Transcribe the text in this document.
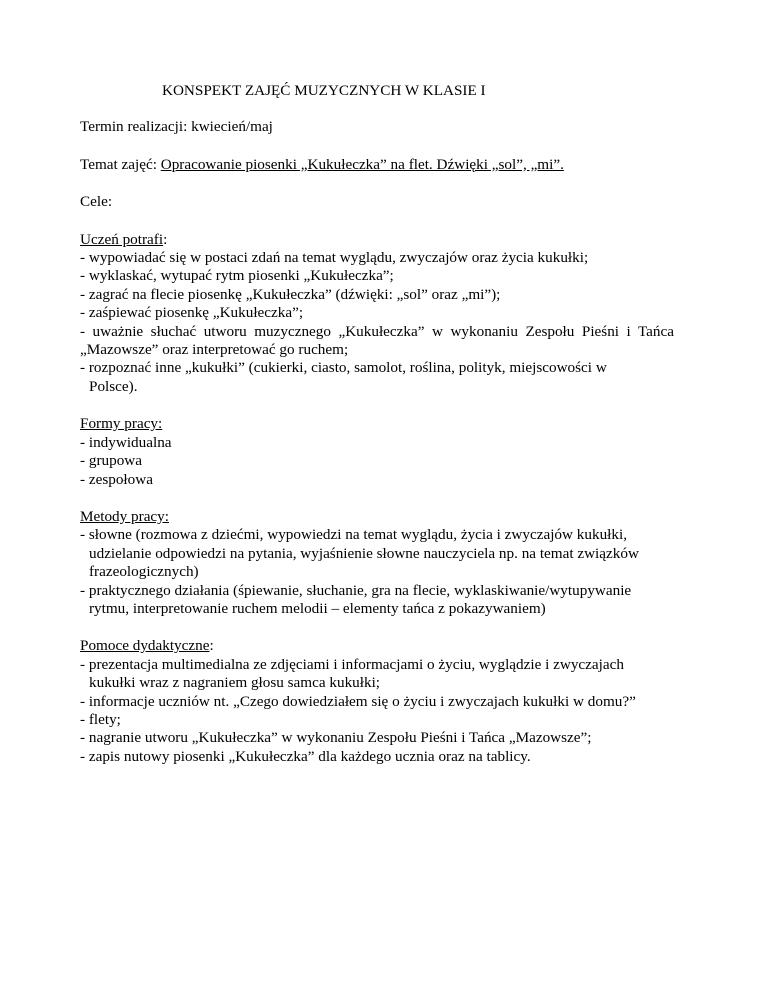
KONSPEKT ZAJĘĆ MUZYCZNYCH W KLASIE I

Termin realizacji: kwiecień/maj

Temat zajęć: Opracowanie piosenki „Kukułeczka” na flet. Dźwięki „sol”, „mi”.

Cele:

Uczeń potrafi:

- wypowiadać się w postaci zdań na temat wyglądu, zwyczajów oraz życia kukułki;
- wyklaskać, wytupać rytm piosenki „Kukułeczka”;
- zagrać na flecie piosenkę „Kukułeczka” (dźwięki: „sol” oraz „mi”);
- zaśpiewać piosenkę „Kukułeczka”;
- uważnie słuchać utworu muzycznego „Kukułeczka” w wykonaniu Zespołu Pieśni i Tańca
„Mazowsze” oraz interpretować go ruchem;
- rozpoznać inne „kukułki” (cukierki, ciasto, samolot, roślina, polityk, miejscowości w
Polsce).

Formy pracy:

- indywidualna
- grupowa
- zespołowa

Metody pracy:

- słowne (rozmowa z dziećmi, wypowiedzi na temat wyglądu, życia i zwyczajów kukułki,
udzielanie odpowiedzi na pytania, wyjaśnienie słowne nauczyciela np. na temat związków
frazeologicznych)
- praktycznego działania (śpiewanie, słuchanie, gra na flecie, wyklaskiwanie/wytupywanie
rytmu, interpretowanie ruchem melodii – elementy tańca z pokazywaniem)

Pomoce dydaktyczne:

- prezentacja multimedialna ze zdjęciami i informacjami o życiu, wyglądzie i zwyczajach
kukułki wraz z nagraniem głosu samca kukułki;
- informacje uczniów nt. „Czego dowiedziałem się o życiu i zwyczajach kukułki w domu?”
- flety;
- nagranie utworu „Kukułeczka” w wykonaniu Zespołu Pieśni i Tańca „Mazowsze”;
- zapis nutowy piosenki „Kukułeczka” dla każdego ucznia oraz na tablicy.
